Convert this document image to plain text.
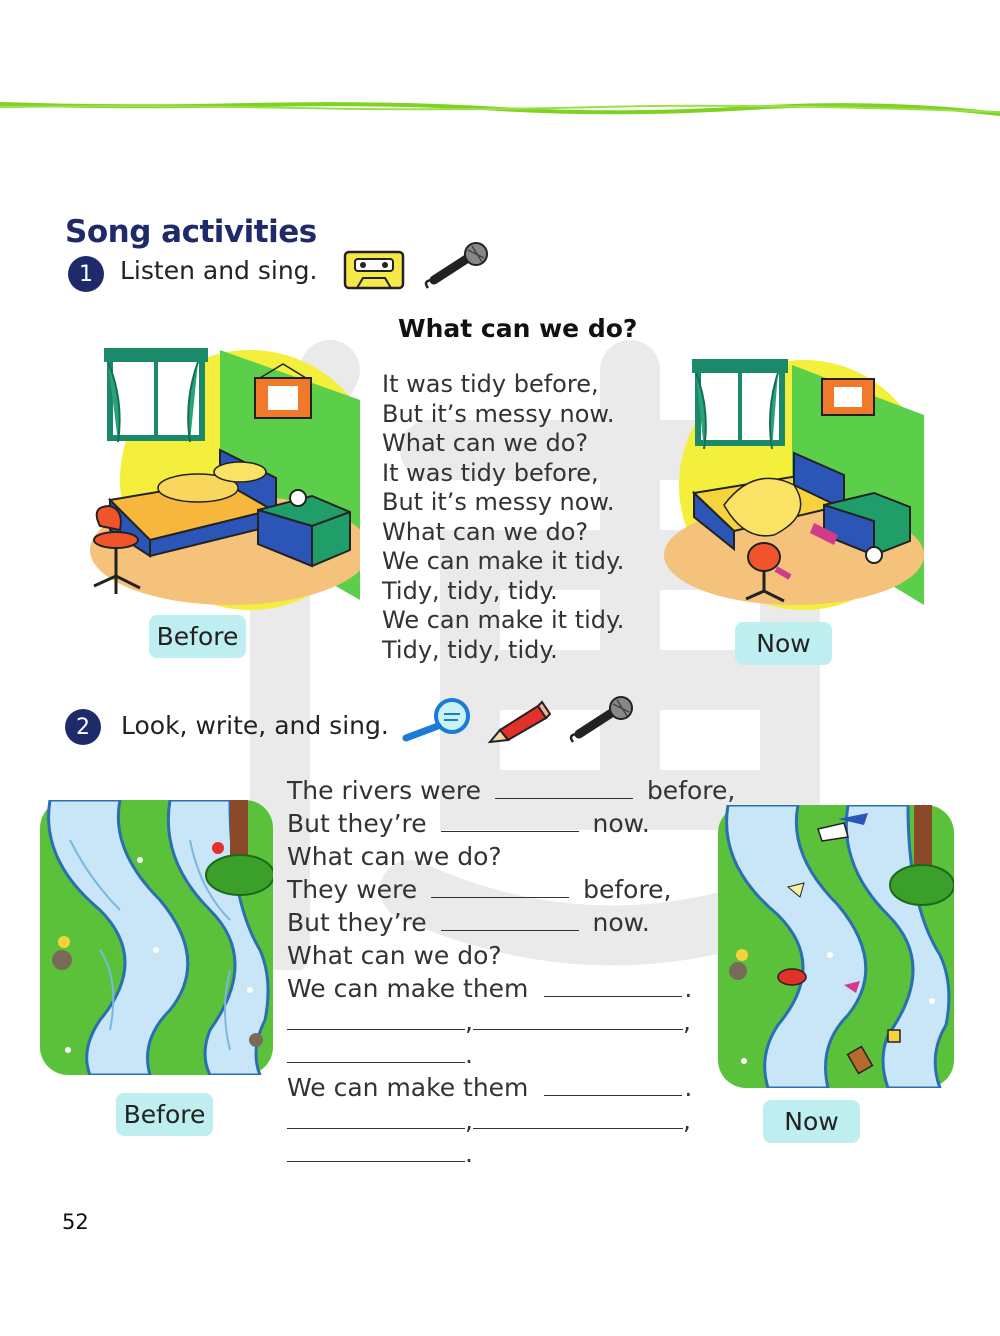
Song activities
1	Listen and sing.
What can we do?
It was tidy before,
But it’s messy now.
What can we do?
It was tidy before,
But it’s messy now.
What can we do?
We can make it tidy.
Tidy, tidy, tidy.
We can make it tidy.
Tidy, tidy, tidy.
Before	Now
2	Look, write, and sing.
The rivers were	before,
But they’re	now.
What can we do?
They were	before,
But they’re	now.
What can we do?
We can make them	.
,	,
.
We can make them	.
,	,
.
Before	Now
52
